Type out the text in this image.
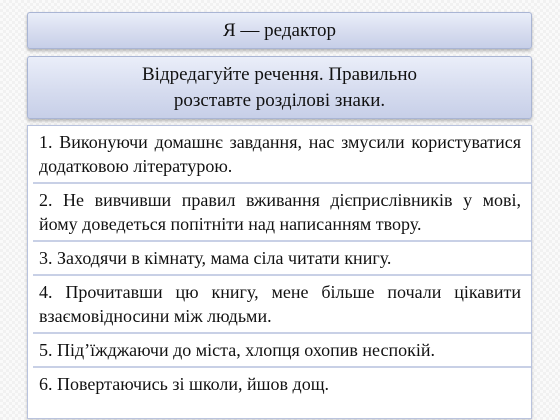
Я — редактор
Відредагуйте речення. Правильно
розставте розділові знаки.
1. Виконуючи домашнє завдання, нас змусили користуватися додатковою літературою.
2. Не вивчивши правил вживання дієприслівників у мові, йому доведеться попітніти над написанням твору.
3. Заходячи в кімнату, мама сіла читати книгу.
4. Прочитавши цю книгу, мене більше почали цікавити взаємовідносини між людьми.
5. Під’їжджаючи до міста, хлопця охопив неспокій.
6. Повертаючись зі школи, йшов дощ.
